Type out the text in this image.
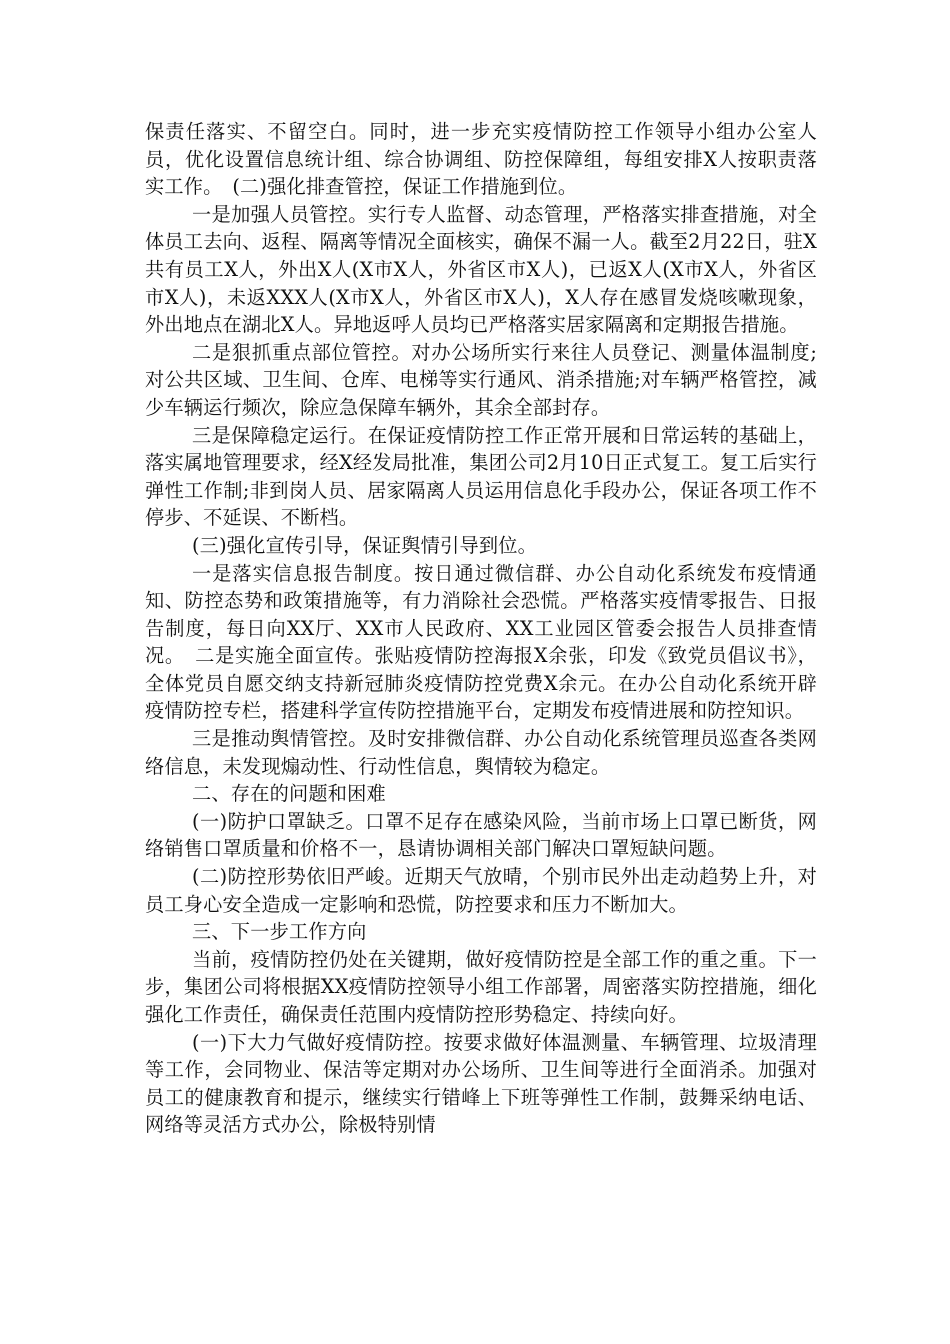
保责任落实、不留空白。同时，进一步充实疫情防控工作领导小组办公室人员，优化设置信息统计组、综合协调组、防控保障组，每组安排X人按职责落实工作。　(二)强化排查管控，保证工作措施到位。

一是加强人员管控。实行专人监督、动态管理，严格落实排查措施，对全体员工去向、返程、隔离等情况全面核实，确保不漏一人。截至2月22日，驻X共有员工X人，外出X人(X市X人，外省区市X人)，已返X人(X市X人，外省区市X人)，未返XXX人(X市X人，外省区市X人)，X人存在感冒发烧咳嗽现象，外出地点在湖北X人。异地返呼人员均已严格落实居家隔离和定期报告措施。

二是狠抓重点部位管控。对办公场所实行来往人员登记、测量体温制度;对公共区域、卫生间、仓库、电梯等实行通风、消杀措施;对车辆严格管控，减少车辆运行频次，除应急保障车辆外，其余全部封存。

三是保障稳定运行。在保证疫情防控工作正常开展和日常运转的基础上，落实属地管理要求，经X经发局批准，集团公司2月10日正式复工。复工后实行弹性工作制;非到岗人员、居家隔离人员运用信息化手段办公，保证各项工作不停步、不延误、不断档。

(三)强化宣传引导，保证舆情引导到位。

一是落实信息报告制度。按日通过微信群、办公自动化系统发布疫情通知、防控态势和政策措施等，有力消除社会恐慌。严格落实疫情零报告、日报告制度，每日向XX厅、XX市人民政府、XX工业园区管委会报告人员排查情况。　二是实施全面宣传。张贴疫情防控海报X余张，印发《致党员倡议书》，全体党员自愿交纳支持新冠肺炎疫情防控党费X余元。在办公自动化系统开辟疫情防控专栏，搭建科学宣传防控措施平台，定期发布疫情进展和防控知识。

三是推动舆情管控。及时安排微信群、办公自动化系统管理员巡查各类网络信息，未发现煽动性、行动性信息，舆情较为稳定。

二、存在的问题和困难

(一)防护口罩缺乏。口罩不足存在感染风险，当前市场上口罩已断货，网络销售口罩质量和价格不一，恳请协调相关部门解决口罩短缺问题。

(二)防控形势依旧严峻。近期天气放晴，个别市民外出走动趋势上升，对员工身心安全造成一定影响和恐慌，防控要求和压力不断加大。

三、下一步工作方向

当前，疫情防控仍处在关键期，做好疫情防控是全部工作的重之重。下一步，集团公司将根据XX疫情防控领导小组工作部署，周密落实防控措施，细化强化工作责任，确保责任范围内疫情防控形势稳定、持续向好。

(一)下大力气做好疫情防控。按要求做好体温测量、车辆管理、垃圾清理等工作，会同物业、保洁等定期对办公场所、卫生间等进行全面消杀。加强对员工的健康教育和提示，继续实行错峰上下班等弹性工作制，鼓舞采纳电话、网络等灵活方式办公，除极特别情
